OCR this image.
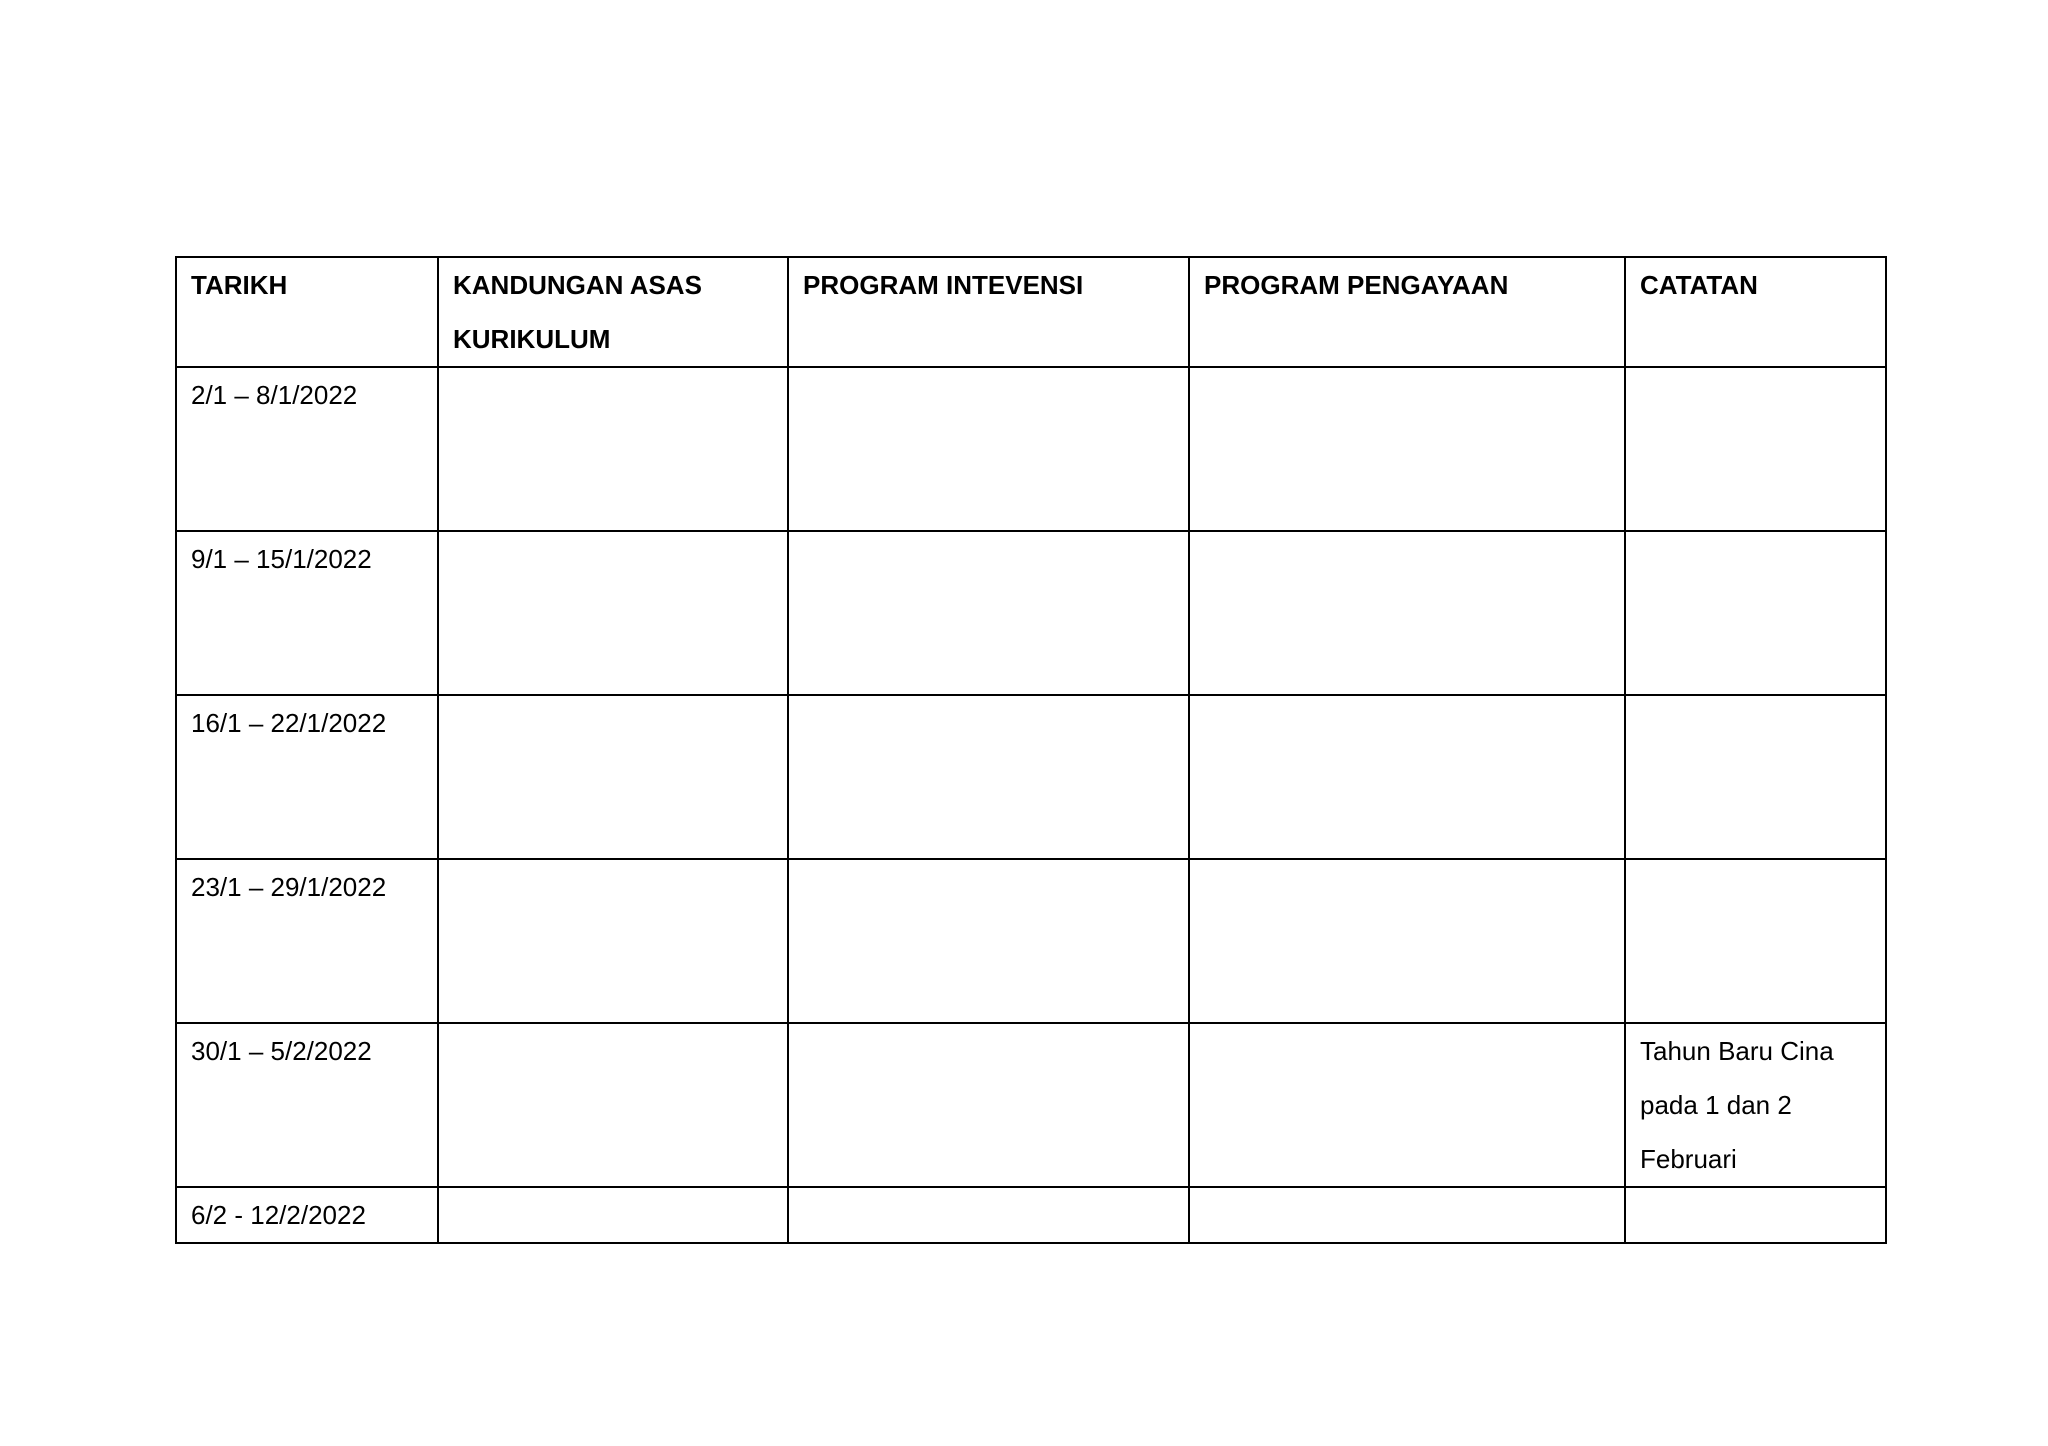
TARIKH	KANDUNGAN ASAS KURIKULUM	PROGRAM INTEVENSI	PROGRAM PENGAYAAN	CATATAN
2/1 – 8/1/2022				
9/1 – 15/1/2022				
16/1 – 22/1/2022				
23/1 – 29/1/2022				
30/1 – 5/2/2022				Tahun Baru Cina pada 1 dan 2 Februari
6/2 - 12/2/2022				
